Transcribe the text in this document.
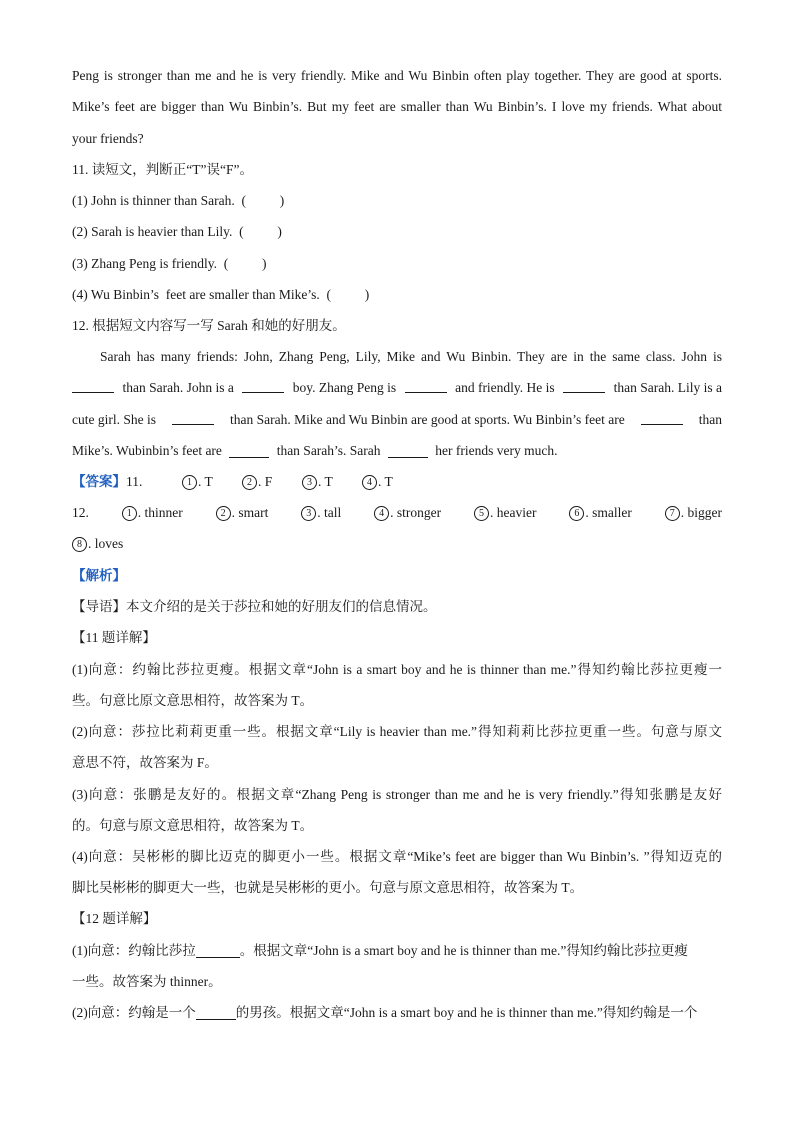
Peng is stronger than me and he is very friendly. Mike and Wu Binbin often play together. They are good at sports.
Mike’s feet are bigger than Wu Binbin’s. But my feet are smaller than Wu Binbin’s. I love my friends. What about
your friends?
11. 读短文，判断正“T”误“F”。
(1) John is thinner than Sarah.  (          )
(2) Sarah is heavier than Lily.  (          )
(3) Zhang Peng is friendly.  (          )
(4) Wu Binbin’s  feet are smaller than Mike’s.  (          )
12. 根据短文内容写一写 Sarah 和她的好朋友。
Sarah has many friends: John, Zhang Peng, Lily, Mike and Wu Binbin. They are in the same class. John is
than Sarah. John is a	boy. Zhang Peng is	and friendly. He is	than Sarah. Lily is a
cute girl. She is	than Sarah. Mike and Wu Binbin are good at sports. Wu Binbin’s feet are	than
Mike’s. Wubinbin’s feet are	than Sarah’s. Sarah	her friends very much.
【答案】11.	1 . T	2 . F	3 . T	4 . T
12.	1 . thinner	2 . smart	3 . tall	4 . stronger	5 . heavier	6 . smaller	7 . bigger
8 . loves
【解析】
【导语】本文介绍的是关于莎拉和她的好朋友们的信息情况。
【11 题详解】
(1)向意：约翰比莎拉更瘦。根据文章“John is a smart boy and he is thinner than me.”得知约翰比莎拉更瘦一
些。句意比原文意思相符，故答案为 T。
(2)向意：莎拉比莉莉更重一些。根据文章“Lily is heavier than me.”得知莉莉比莎拉更重一些。句意与原文
意思不符，故答案为 F。
(3)向意：张鹏是友好的。根据文章“Zhang Peng is stronger than me and he is very friendly.”得知张鹏是友好
的。句意与原文意思相符，故答案为 T。
(4)向意：吴彬彬的脚比迈克的脚更小一些。根据文章“Mike’s feet are bigger than Wu Binbin’s. ”得知迈克的
脚比吴彬彬的脚更大一些，也就是吴彬彬的更小。句意与原文意思相符，故答案为 T。
【12 题详解】
(1)向意：约翰比莎拉	。根据文章“John is a smart boy and he is thinner than me.”得知约翰比莎拉更瘦
一些。故答案为 thinner。
(2)向意：约翰是一个	的男孩。根据文章“John is a smart boy and he is thinner than me.”得知约翰是一个
